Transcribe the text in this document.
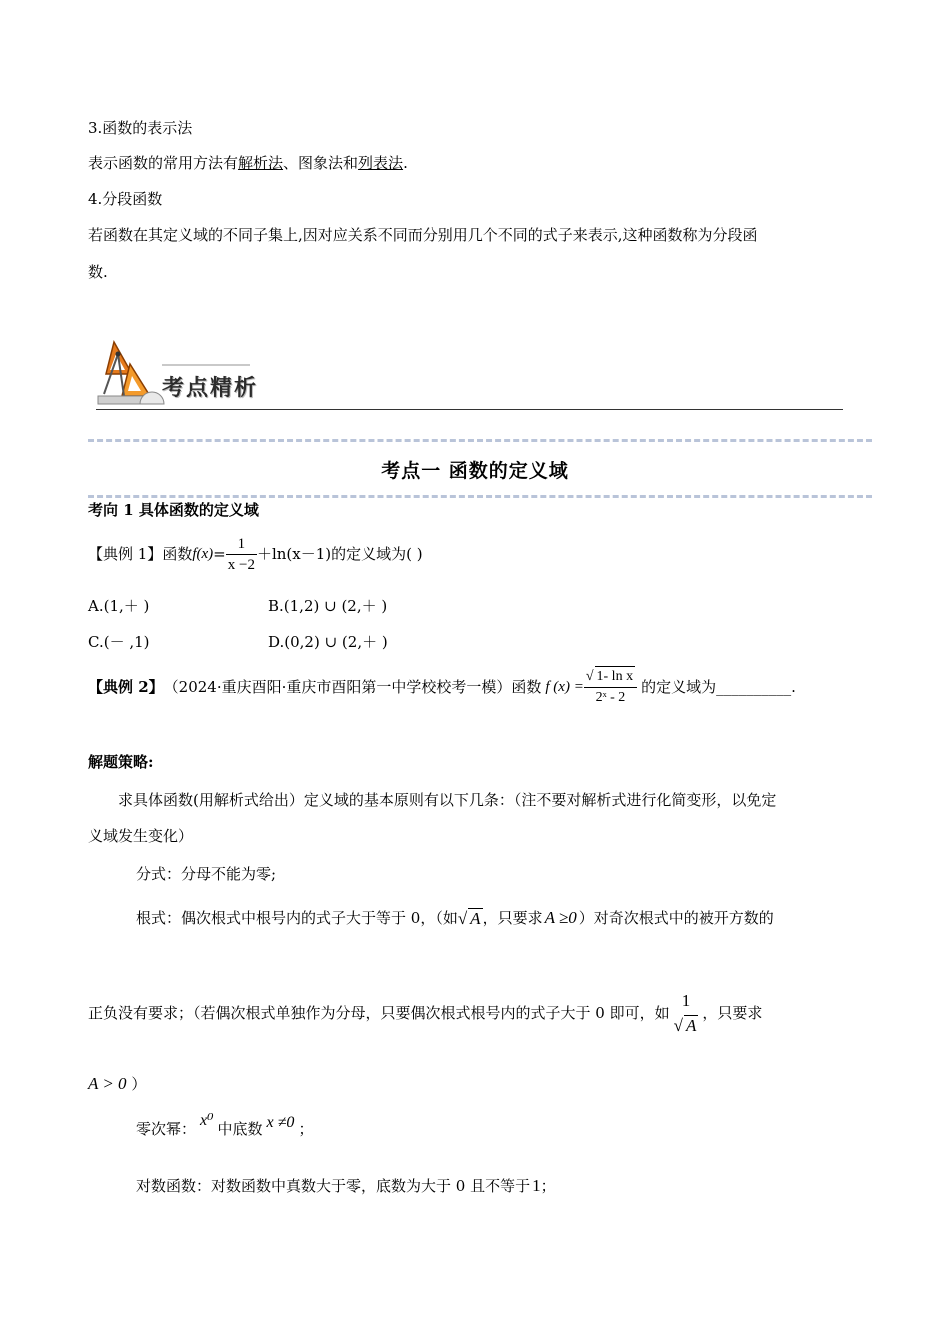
3.函数的表示法
表示函数的常用方法有解析法、图象法和列表法.
4.分段函数
若函数在其定义域的不同子集上,因对应关系不同而分别用几个不同的式子来表示,这种函数称为分段函
数.
考点精析
考点一 函数的定义域
考向 1 具体函数的定义域
【典例 1】 函数 $f(x) = \frac{1}{x -2} +\ln(x-1)$的定义域为( )
A.(1,＋ )	B.(1,2) ∪ (2,＋ )
C.(－ ,1)	D.(0,2) ∪ (2,＋ )
【典例 2】 （2024·重庆酉阳·重庆市酉阳第一中学校校考一模）函数 f $(x) = \frac{\text{√ 1- ln x}}{\text{2ˣ - 2}}$ 的定义域为 __________ .
解题策略:
求具体函数(用解析式给出）定义域的基本原则有以下几条：（注不要对解析式进行化简变形，以免定
义域发生变化）
分式：分母不能为零;
根式：偶次根式中根号内的式子大于等于 0，（如 √ A ，只要求 A ≥0 ）对奇次根式中的被开方数的
正负没有要求；（若偶次根式单独作为分母，只要偶次根式根号内的式子大于 0 即可，如
1
√ A
，只要求
A > 0 ）
零次幂： x⁰ 中底数 x ≠0 ；
对数函数：对数函数中真数大于零，底数为大于 0 且不等于 1 ；
